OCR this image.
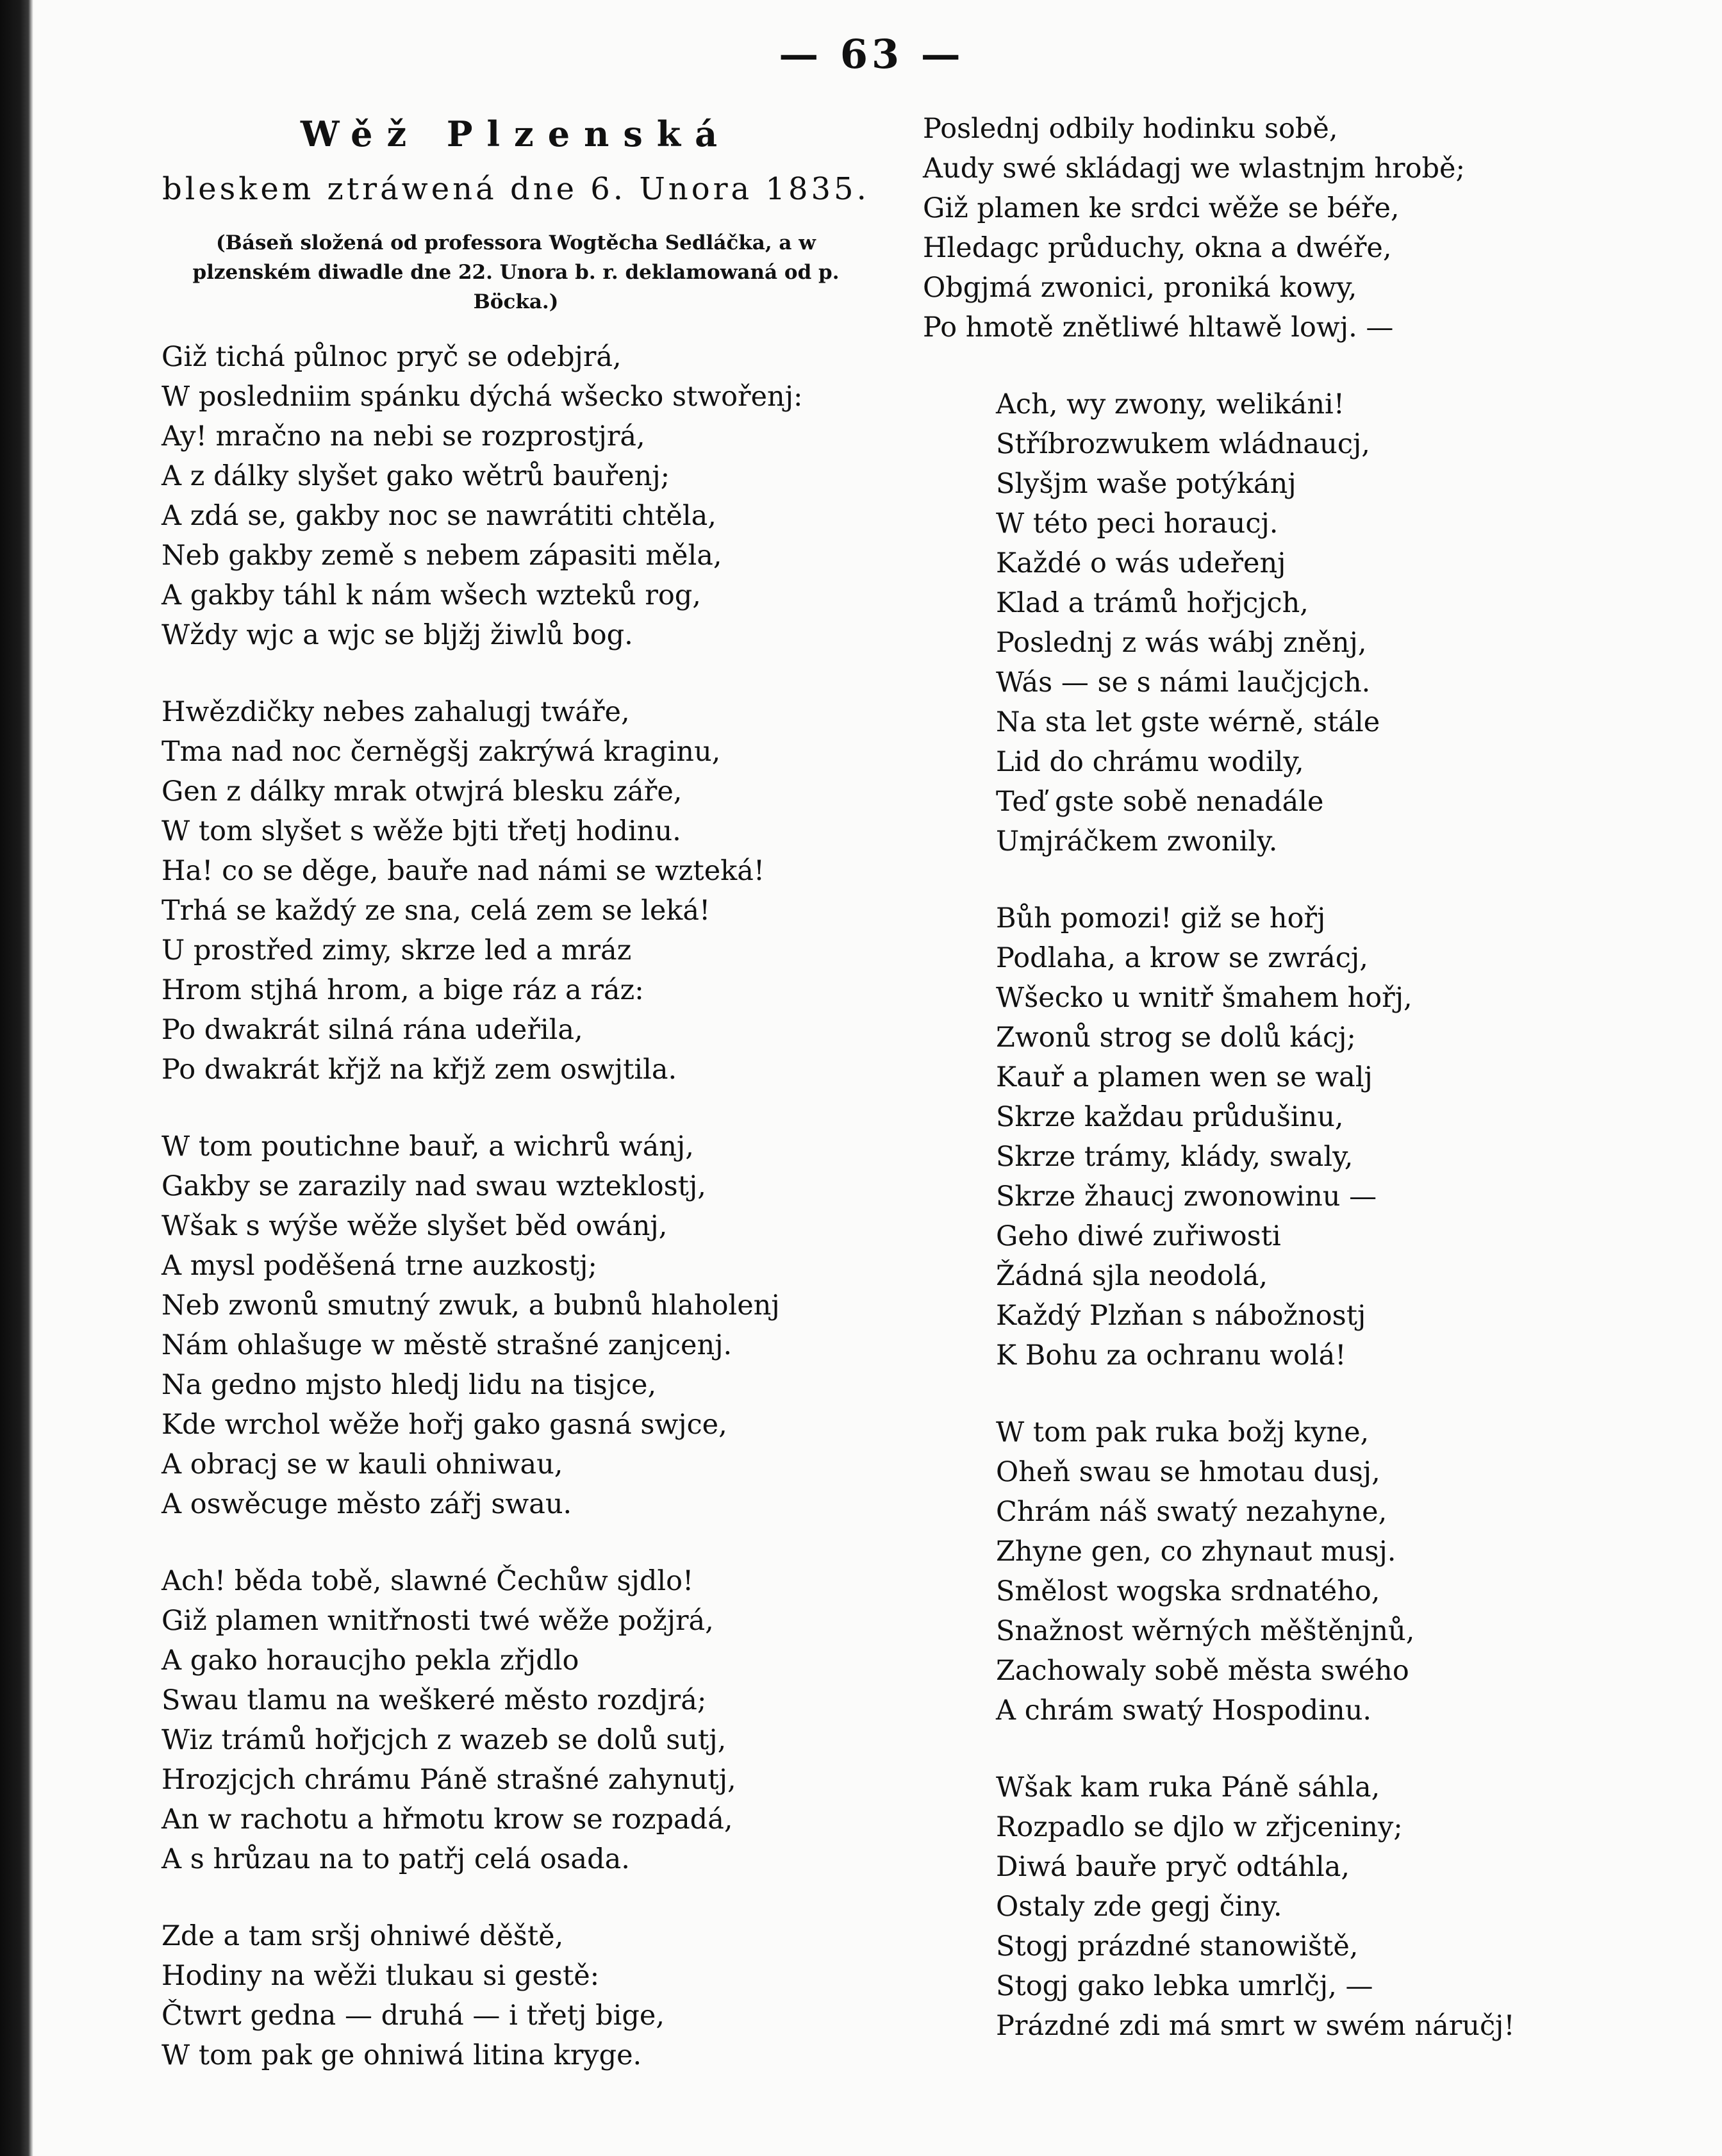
— 63 —
Wěž Plzenská
bleskem ztráwená dne 6. Unora 1835.
(Báseň složená od professora Wogtěcha Sedláčka, a w plzenském diwadle dne 22. Unora b. r. deklamowaná od p. Böcka.)
Giž tichá půlnoc pryč se odebjrá,
W posledniim spánku dýchá wšecko stwořenj:
Ay! mračno na nebi se rozprostjrá,
A z dálky slyšet gako wětrů bauřenj;
A zdá se, gakby noc se nawrátiti chtěla,
Neb gakby země s nebem zápasiti měla,
A gakby táhl k nám wšech wzteků rog,
Wždy wjc a wjc se bljžj žiwlů bog.
Hwězdičky nebes zahalugj twáře,
Tma nad noc černěgšj zakrýwá kraginu,
Gen z dálky mrak otwjrá blesku záře,
W tom slyšet s wěže bjti třetj hodinu.
Ha! co se děge, bauře nad námi se wzteká!
Trhá se každý ze sna, celá zem se leká!
U prostřed zimy, skrze led a mráz
Hrom stjhá hrom, a bige ráz a ráz:
Po dwakrát silná rána udeřila,
Po dwakrát křjž na křjž zem oswjtila.
W tom poutichne bauř, a wichrů wánj,
Gakby se zarazily nad swau wzteklostj,
Wšak s wýše wěže slyšet běd owánj,
A mysl poděšená trne auzkostj;
Neb zwonů smutný zwuk, a bubnů hlaholenj
Nám ohlašuge w městě strašné zanjcenj.
Na gedno mjsto hledj lidu na tisjce,
Kde wrchol wěže hořj gako gasná swjce,
A obracj se w kauli ohniwau,
A oswěcuge město zářj swau.
Ach! běda tobě, slawné Čechůw sjdlo!
Giž plamen wnitřnosti twé wěže požjrá,
A gako horaucjho pekla zřjdlo
Swau tlamu na weškeré město rozdjrá;
Wiz trámů hořjcjch z wazeb se dolů sutj,
Hrozjcjch chrámu Páně strašné zahynutj,
An w rachotu a hřmotu krow se rozpadá,
A s hrůzau na to patřj celá osada.
Zde a tam sršj ohniwé děště,
Hodiny na wěži tlukau si gestě:
Čtwrt gedna — druhá — i třetj bige,
W tom pak ge ohniwá litina kryge.
Poslednj odbily hodinku sobě,
Audy swé skládagj we wlastnjm hrobě;
Giž plamen ke srdci wěže se béře,
Hledagc průduchy, okna a dwéře,
Obgjmá zwonici, proniká kowy,
Po hmotě znětliwé hltawě lowj. —
Ach, wy zwony, welikáni!
Stříbrozwukem wládnaucj,
Slyšjm waše potýkánj
W této peci horaucj.
Každé o wás udeřenj
Klad a trámů hořjcjch,
Poslednj z wás wábj zněnj,
Wás — se s námi laučjcjch.
Na sta let gste wérně, stále
Lid do chrámu wodily,
Teď gste sobě nenadále
Umjráčkem zwonily.
Bůh pomozi! giž se hořj
Podlaha, a krow se zwrácj,
Wšecko u wnitř šmahem hořj,
Zwonů strog se dolů kácj;
Kauř a plamen wen se walj
Skrze každau průdušinu,
Skrze trámy, klády, swaly,
Skrze žhaucj zwonowinu —
Geho diwé zuřiwosti
Žádná sjla neodolá,
Každý Plzňan s nábožnostj
K Bohu za ochranu wolá!
W tom pak ruka božj kyne,
Oheň swau se hmotau dusj,
Chrám náš swatý nezahyne,
Zhyne gen, co zhynaut musj.
Smělost wogska srdnatého,
Snažnost wěrných měštěnjnů,
Zachowaly sobě města swého
A chrám swatý Hospodinu.
Wšak kam ruka Páně sáhla,
Rozpadlo se djlo w zřjceniny;
Diwá bauře pryč odtáhla,
Ostaly zde gegj činy.
Stogj prázdné stanowiště,
Stogj gako lebka umrlčj, —
Prázdné zdi má smrt w swém náručj!
